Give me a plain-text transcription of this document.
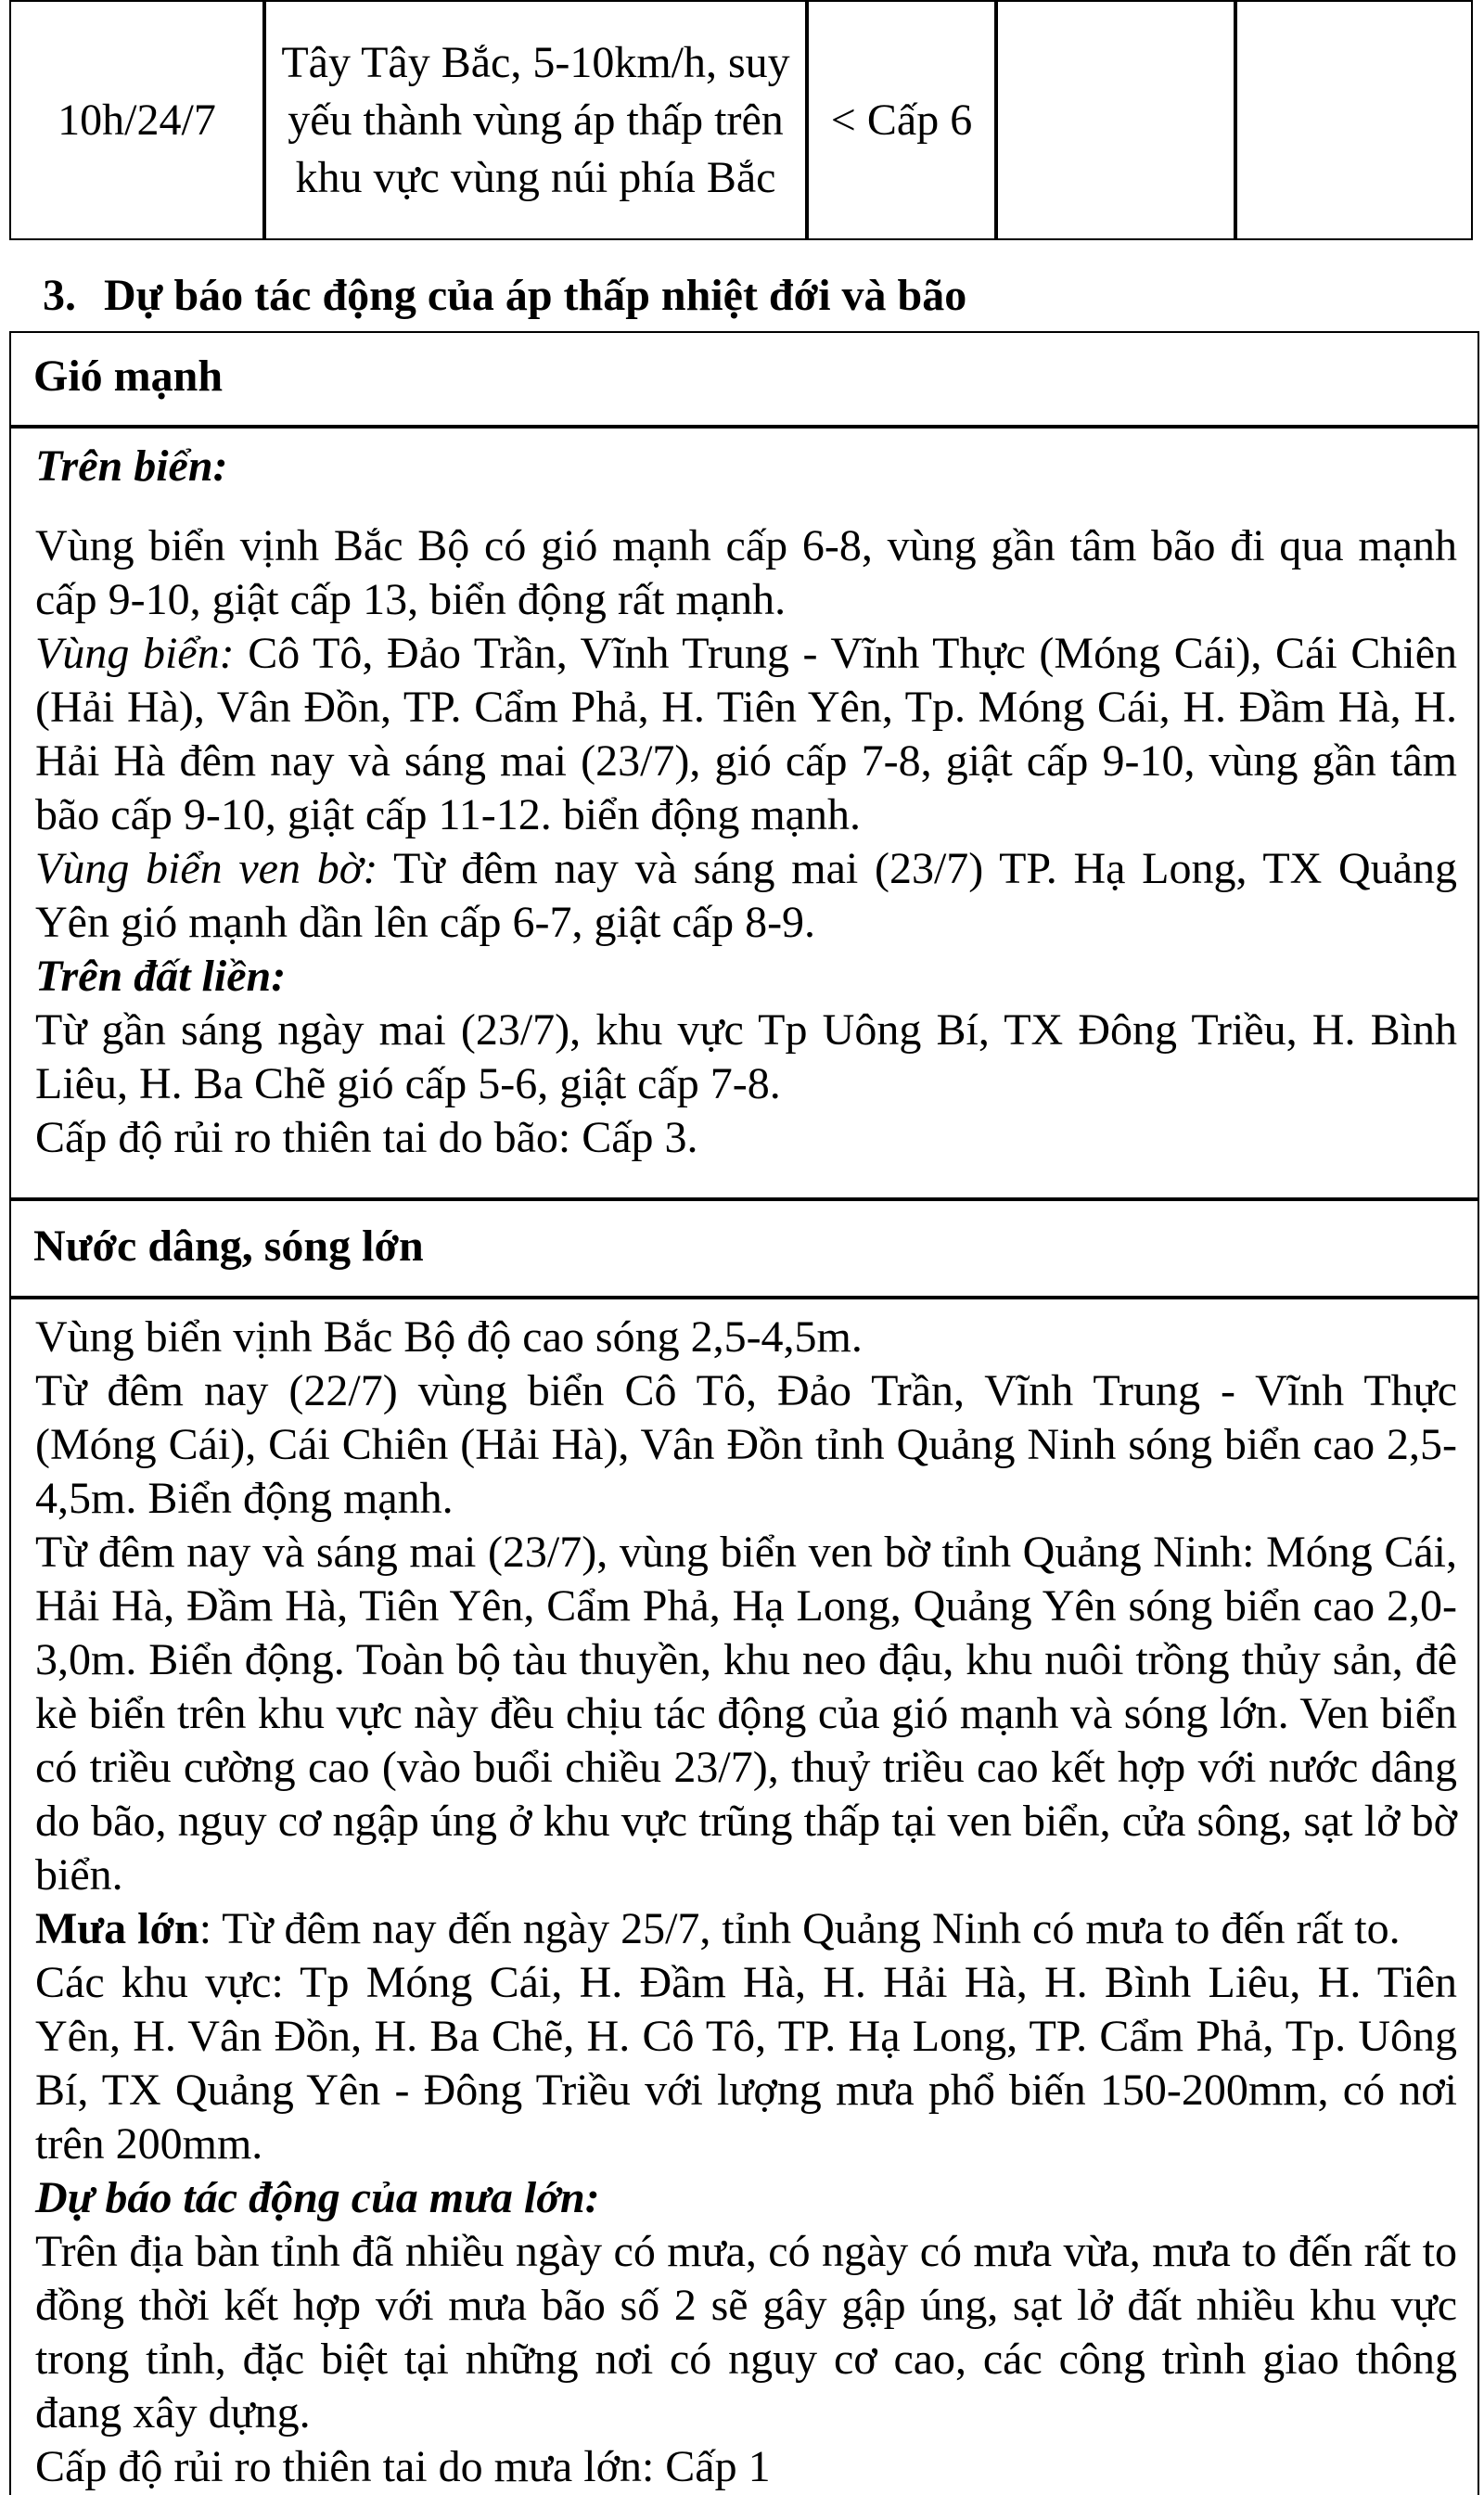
10h/24/7	Tây Tây Bắc, 5-10km/h, suy yếu thành vùng áp thấp trên khu vực vùng núi phía Bắc	< Cấp 6		
3. Dự báo tác động của áp thấp nhiệt đới và bão
Gió mạnh

Trên biển:

Vùng biển vịnh Bắc Bộ có gió mạnh cấp 6-8, vùng gần tâm bão đi qua mạnh cấp 9-10, giật cấp 13, biển động rất mạnh.

Vùng biển: Cô Tô, Đảo Trần, Vĩnh Trung - Vĩnh Thực (Móng Cái), Cái Chiên (Hải Hà), Vân Đồn, TP. Cẩm Phả, H. Tiên Yên, Tp. Móng Cái, H. Đầm Hà, H. Hải Hà đêm nay và sáng mai (23/7), gió cấp 7-8, giật cấp 9-10, vùng gần tâm bão cấp 9-10, giật cấp 11-12. biển động mạnh.

Vùng biển ven bờ: Từ đêm nay và sáng mai (23/7) TP. Hạ Long, TX Quảng Yên gió mạnh dần lên cấp 6-7, giật cấp 8-9.

Trên đất liền:

Từ gần sáng ngày mai (23/7), khu vực Tp Uông Bí, TX Đông Triều, H. Bình Liêu, H. Ba Chẽ gió cấp 5-6, giật cấp 7-8.

Cấp độ rủi ro thiên tai do bão: Cấp 3.

Nước dâng, sóng lớn

Vùng biển vịnh Bắc Bộ độ cao sóng 2,5-4,5m.

Từ đêm nay (22/7) vùng biển Cô Tô, Đảo Trần, Vĩnh Trung - Vĩnh Thực (Móng Cái), Cái Chiên (Hải Hà), Vân Đồn tỉnh Quảng Ninh sóng biển cao 2,5-4,5m. Biển động mạnh.

Từ đêm nay và sáng mai (23/7), vùng biển ven bờ tỉnh Quảng Ninh: Móng Cái, Hải Hà, Đầm Hà, Tiên Yên, Cẩm Phả, Hạ Long, Quảng Yên sóng biển cao 2,0-3,0m. Biển động. Toàn bộ tàu thuyền, khu neo đậu, khu nuôi trồng thủy sản, đê kè biển trên khu vực này đều chịu tác động của gió mạnh và sóng lớn. Ven biển có triều cường cao (vào buổi chiều 23/7), thuỷ triều cao kết hợp với nước dâng do bão, nguy cơ ngập úng ở khu vực trũng thấp tại ven biển, cửa sông, sạt lở bờ biển.

Mưa lớn: Từ đêm nay đến ngày 25/7, tỉnh Quảng Ninh có mưa to đến rất to.

Các khu vực: Tp Móng Cái, H. Đầm Hà, H. Hải Hà, H. Bình Liêu, H. Tiên Yên, H. Vân Đồn, H. Ba Chẽ, H. Cô Tô, TP. Hạ Long, TP. Cẩm Phả, Tp. Uông Bí, TX Quảng Yên - Đông Triều với lượng mưa phổ biến 150-200mm, có nơi trên 200mm.

Dự báo tác động của mưa lớn:

Trên địa bàn tỉnh đã nhiều ngày có mưa, có ngày có mưa vừa, mưa to đến rất to đồng thời kết hợp với mưa bão số 2 sẽ gây gập úng, sạt lở đất nhiều khu vực trong tỉnh, đặc biệt tại những nơi có nguy cơ cao, các công trình giao thông đang xây dựng.

Cấp độ rủi ro thiên tai do mưa lớn: Cấp 1
